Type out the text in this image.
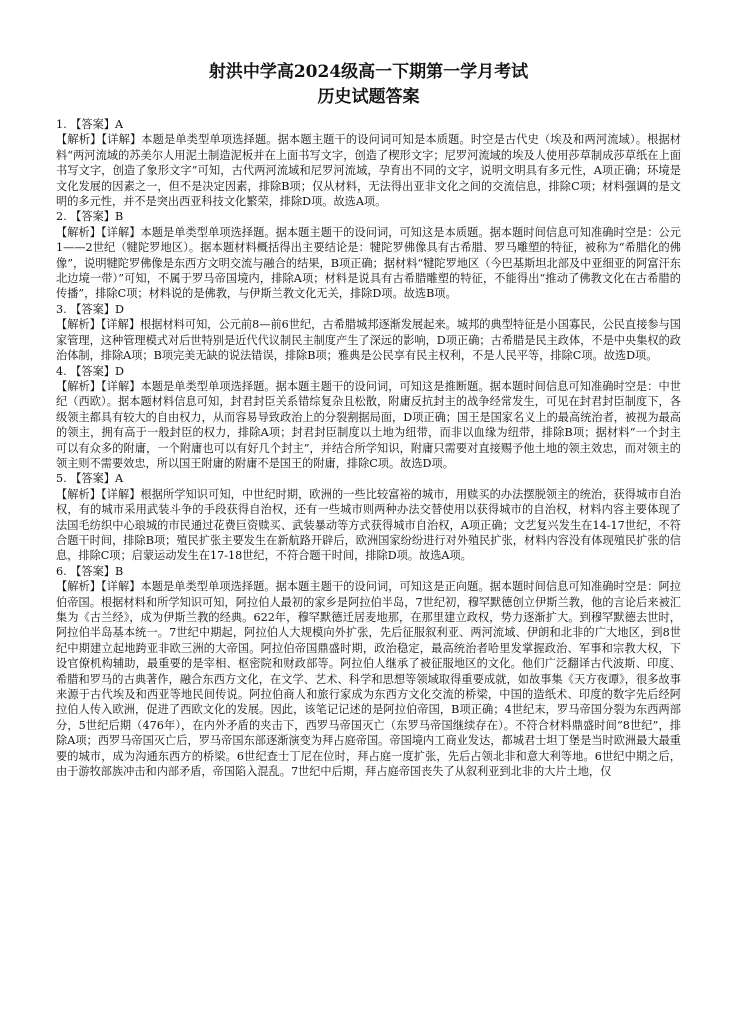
射洪中学高2024级高一下期第一学月考试
历史试题答案

1. 【答案】A

【解析】【详解】本题是单类型单项选择题。据本题主题干的设问词可知是本质题。时空是古代史（埃及和两河流域）。根据材料“两河流域的苏美尔人用泥土制造泥板并在上面书写文字，创造了楔形文字；尼罗河流域的埃及人使用莎草制成莎草纸在上面书写文字，创造了象形文字”可知，古代两河流域和尼罗河流域，孕育出不同的文字，说明文明具有多元性，A项正确；环境是文化发展的因素之一，但不是决定因素，排除B项；仅从材料，无法得出亚非文化之间的交流信息，排除C项；材料强调的是文明的多元性，并不是突出西亚科技文化繁荣，排除D项。故选A项。

2. 【答案】B

【解析】【详解】本题是单类型单项选择题。据本题主题干的设问词，可知这是本质题。据本题时间信息可知准确时空是：公元1——2世纪（犍陀罗地区）。据本题材料概括得出主要结论是：犍陀罗佛像具有古希腊、罗马雕塑的特征，被称为“希腊化的佛像”，说明犍陀罗佛像是东西方文明交流与融合的结果，B项正确；据材料“犍陀罗地区（今巴基斯坦北部及中亚细亚的阿富汗东北边境一带）”可知，不属于罗马帝国境内，排除A项；材料是说具有古希腊雕塑的特征，不能得出“推动了佛教文化在古希腊的传播”，排除C项；材料说的是佛教，与伊斯兰教文化无关，排除D项。故选B项。

3. 【答案】D

【解析】【详解】根据材料可知，公元前8—前6世纪，古希腊城邦逐渐发展起来。城邦的典型特征是小国寡民，公民直接参与国家管理，这种管理模式对后世特别是近代代议制民主制度产生了深远的影响，D项正确；古希腊是民主政体，不是中央集权的政治体制，排除A项；B项完美无缺的说法错误，排除B项；雅典是公民享有民主权利，不是人民平等，排除C项。故选D项。

4. 【答案】D

【解析】【详解】本题是单类型单项选择题。据本题主题干的设问词，可知这是推断题。据本题时间信息可知准确时空是：中世纪（西欧）。据本题材料信息可知，封君封臣关系错综复杂且松散，附庸反抗封主的战争经常发生，可见在封君封臣制度下，各级领主都具有较大的自由权力，从而容易导致政治上的分裂割据局面，D项正确；国王是国家名义上的最高统治者，被视为最高的领主，拥有高于一般封臣的权力，排除A项；封君封臣制度以土地为纽带，而非以血缘为纽带，排除B项；据材料“一个封主可以有众多的附庸，一个附庸也可以有好几个封主”，并结合所学知识，附庸只需要对直接赐予他土地的领主效忠，而对领主的领主则不需要效忠，所以国王附庸的附庸不是国王的附庸，排除C项。故选D项。

5. 【答案】A

【解析】【详解】根据所学知识可知，中世纪时期，欧洲的一些比较富裕的城市，用赎买的办法摆脱领主的统治，获得城市自治权，有的城市采用武装斗争的手段获得自治权，还有一些城市则两种办法交替使用以获得城市的自治权，材料内容主要体现了法国毛纺织中心琅城的市民通过花费巨资赎买、武装暴动等方式获得城市自治权，A项正确；文艺复兴发生在14-17世纪，不符合题干时间，排除B项；殖民扩张主要发生在新航路开辟后，欧洲国家纷纷进行对外殖民扩张，材料内容没有体现殖民扩张的信息，排除C项；启蒙运动发生在17-18世纪，不符合题干时间，排除D项。故选A项。

6. 【答案】B

【解析】【详解】本题是单类型单项选择题。据本题主题干的设问词，可知这是正向题。据本题时间信息可知准确时空是：阿拉伯帝国。根据材料和所学知识可知，阿拉伯人最初的家乡是阿拉伯半岛，7世纪初，穆罕默德创立伊斯兰教，他的言论后来被汇集为《古兰经》，成为伊斯兰教的经典。622年，穆罕默德迁居麦地那，在那里建立政权，势力逐渐扩大。到穆罕默德去世时，阿拉伯半岛基本统一。7世纪中期起，阿拉伯人大规模向外扩张，先后征服叙利亚、两河流域、伊朗和北非的广大地区，到8世纪中期建立起地跨亚非欧三洲的大帝国。阿拉伯帝国鼎盛时期，政治稳定，最高统治者哈里发掌握政治、军事和宗教大权，下设官僚机构辅助，最重要的是宰相、枢密院和财政部等。阿拉伯人继承了被征服地区的文化。他们广泛翻译古代波斯、印度、希腊和罗马的古典著作，融合东西方文化，在文学、艺术、科学和思想等领域取得重要成就，如故事集《天方夜谭》，很多故事来源于古代埃及和西亚等地民间传说。阿拉伯商人和旅行家成为东西方文化交流的桥梁，中国的造纸术、印度的数字先后经阿拉伯人传入欧洲，促进了西欧文化的发展。因此，该笔记记述的是阿拉伯帝国，B项正确；4世纪末，罗马帝国分裂为东西两部分，5世纪后期（476年），在内外矛盾的夹击下，西罗马帝国灭亡（东罗马帝国继续存在）。不符合材料鼎盛时间“8世纪”，排除A项；西罗马帝国灭亡后，罗马帝国东部逐渐演变为拜占庭帝国。帝国境内工商业发达，都城君士坦丁堡是当时欧洲最大最重要的城市，成为沟通东西方的桥梁。6世纪查士丁尼在位时，拜占庭一度扩张，先后占领北非和意大利等地。6世纪中期之后，由于游牧部族冲击和内部矛盾，帝国陷入混乱。7世纪中后期，拜占庭帝国丧失了从叙利亚到北非的大片土地，仅
